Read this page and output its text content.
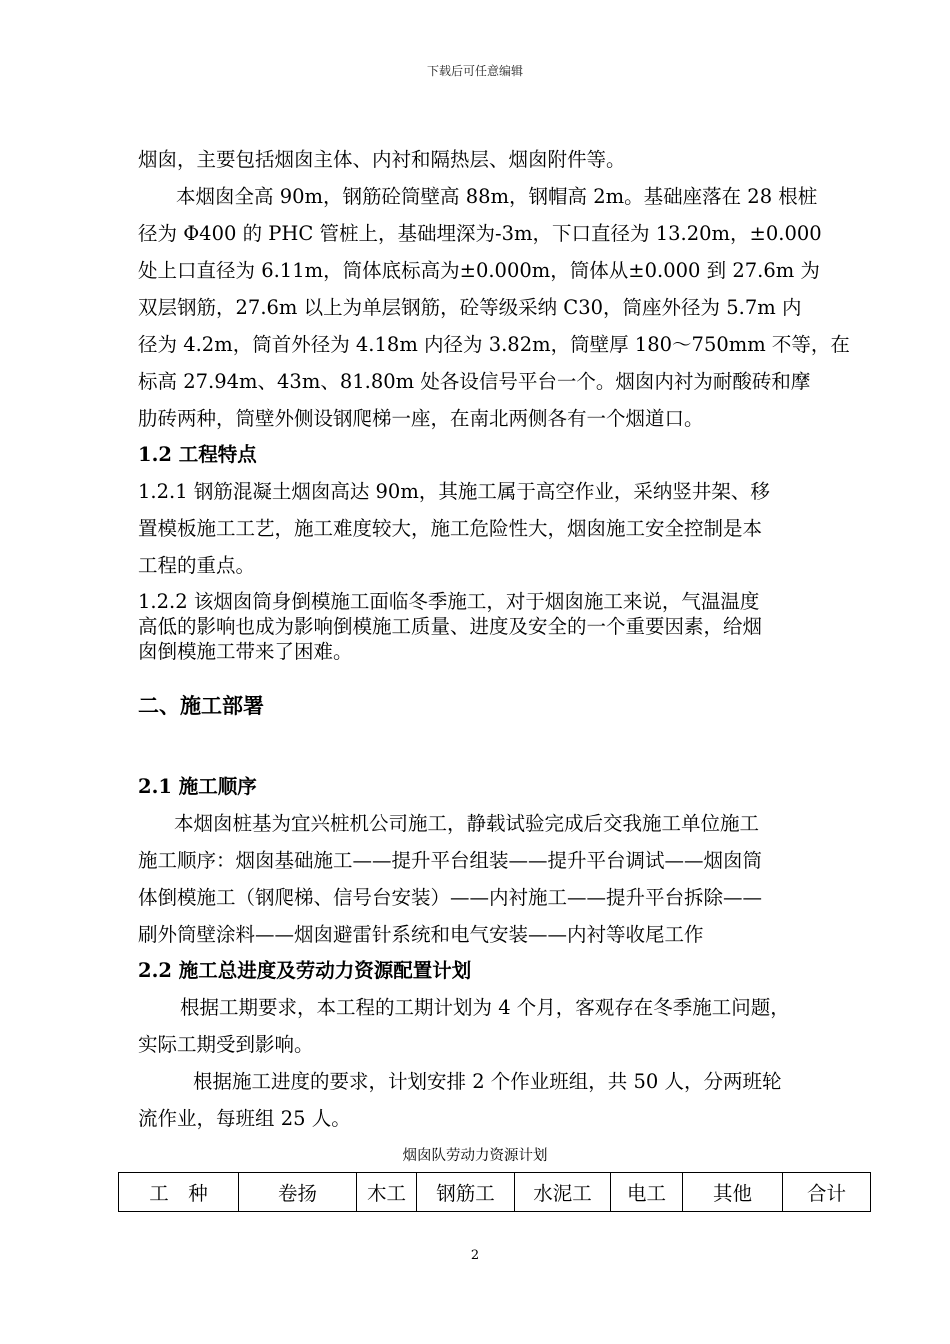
下载后可任意编辑
烟囱，主要包括烟囱主体、内衬和隔热层、烟囱附件等。
本烟囱全高 90m，钢筋砼筒壁高 88m，钢帽高 2m。基础座落在 28 根桩
径为 Φ400 的 PHC 管桩上，基础埋深为-3m，下口直径为 13.20m，±0.000
处上口直径为 6.11m，筒体底标高为±0.000m，筒体从±0.000 到 27.6m 为
双层钢筋，27.6m 以上为单层钢筋，砼等级采纳 C30，筒座外径为 5.7m 内
径为 4.2m，筒首外径为 4.18m 内径为 3.82m，筒壁厚 180～750mm 不等，在
标高 27.94m、43m、81.80m 处各设信号平台一个。烟囱内衬为耐酸砖和摩
肋砖两种，筒壁外侧设钢爬梯一座，在南北两侧各有一个烟道口。
1.2 工程特点
1.2.1 钢筋混凝土烟囱高达 90m，其施工属于高空作业，采纳竖井架、移
置模板施工工艺，施工难度较大，施工危险性大，烟囱施工安全控制是本
工程的重点。
1.2.2 该烟囱筒身倒模施工面临冬季施工，对于烟囱施工来说，气温温度
高低的影响也成为影响倒模施工质量、进度及安全的一个重要因素，给烟
囱倒模施工带来了困难。
二、施工部署
2.1 施工顺序
本烟囱桩基为宜兴桩机公司施工，静载试验完成后交我施工单位施工
施工顺序：烟囱基础施工——提升平台组装——提升平台调试——烟囱筒
体倒模施工（钢爬梯、信号台安装）——内衬施工——提升平台拆除——
刷外筒壁涂料——烟囱避雷针系统和电气安装——内衬等收尾工作
2.2 施工总进度及劳动力资源配置计划
根据工期要求，本工程的工期计划为 4 个月，客观存在冬季施工问题，
实际工期受到影响。
根据施工进度的要求，计划安排 2 个作业班组，共 50 人，分两班轮
流作业，每班组 25 人。
烟囱队劳动力资源计划
工　种	卷扬	木工	钢筋工	水泥工	电工	其他	合计
2
